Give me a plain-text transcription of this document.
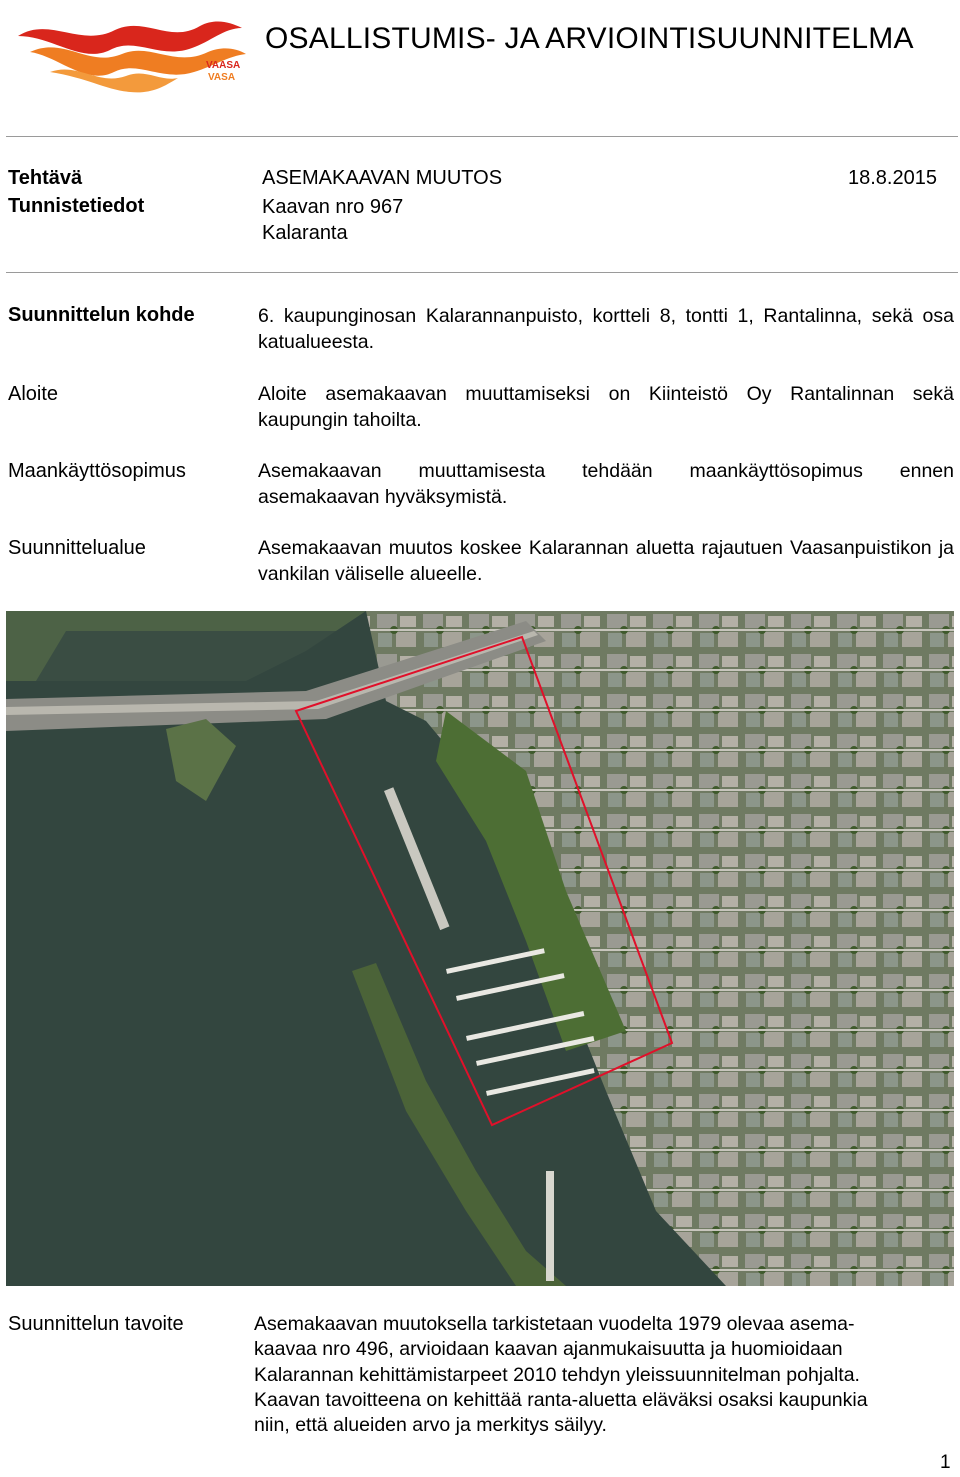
VAASA
VASA
OSALLISTUMIS- JA ARVIOINTISUUNNITELMA
Tehtävä	ASEMAKAAVAN MUUTOS	18.8.2015
Tunnistetiedot	Kaavan nro 967
Kalaranta
Suunnittelun kohde	6. kaupunginosan Kalarannanpuisto, kortteli 8, tontti 1, Rantalinna, sekä osa katualueesta.
Aloite	Aloite asemakaavan muuttamiseksi on Kiinteistö Oy Rantalinnan sekä kaupungin tahoilta.
Maankäyttösopimus	Asemakaavan muuttamisesta tehdään maankäyttösopimus ennen asemakaavan hyväksymistä.
Suunnittelualue	Asemakaavan muutos koskee Kalarannan aluetta rajautuen Vaasanpuistikon ja vankilan väliselle alueelle.
Suunnittelun tavoite	Asemakaavan muutoksella tarkistetaan vuodelta 1979 olevaa asema-
kaavaa nro 496, arvioidaan kaavan ajanmukaisuutta ja huomioidaan
Kalarannan kehittämistarpeet 2010 tehdyn yleissuunnitelman pohjalta.
Kaavan tavoitteena on kehittää ranta-aluetta eläväksi osaksi kaupunkia
niin, että alueiden arvo ja merkitys säilyy.
1
